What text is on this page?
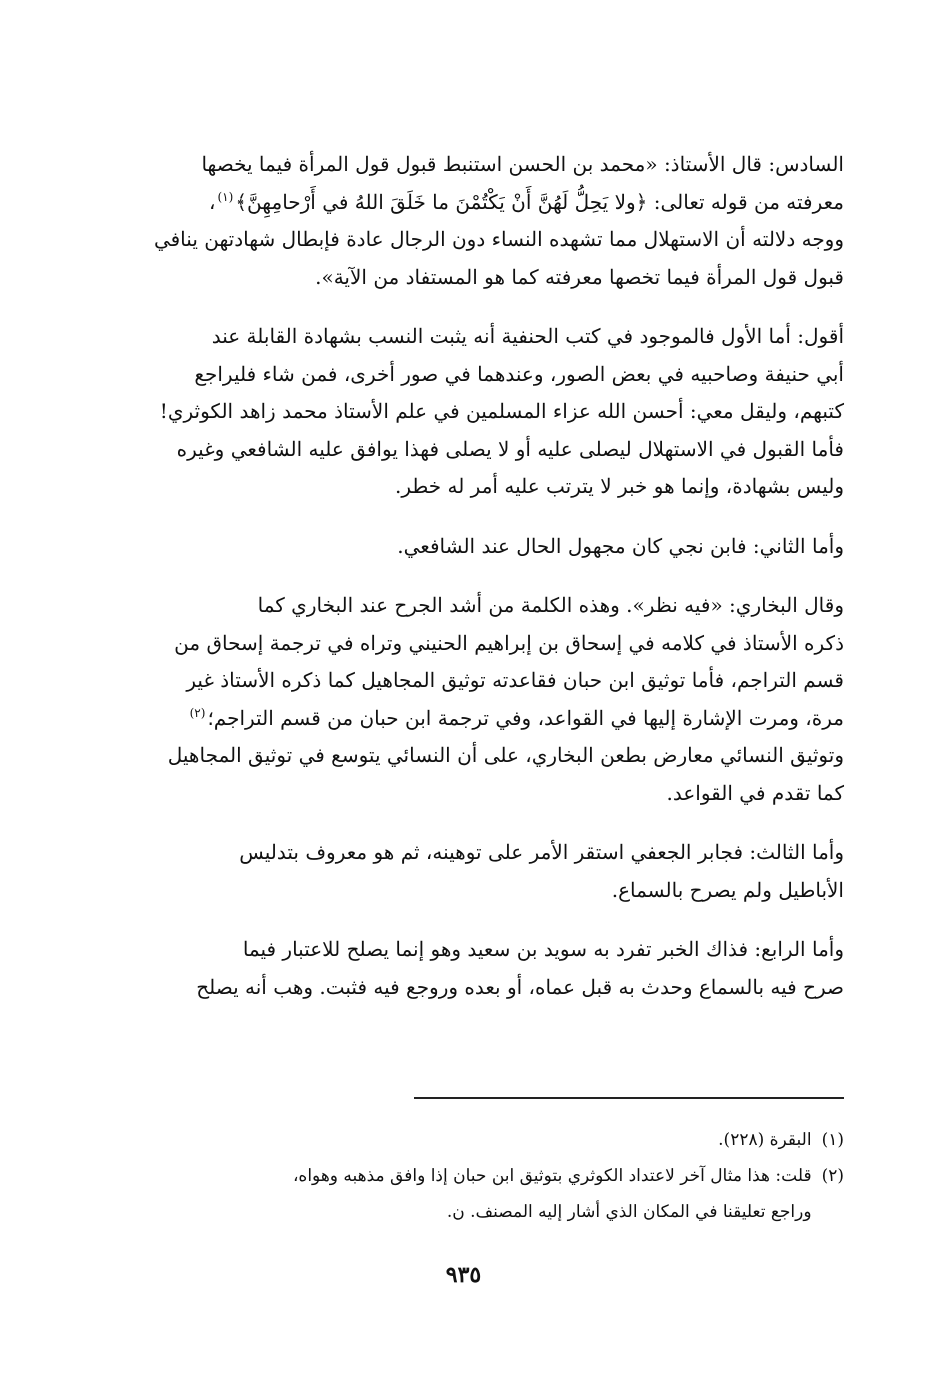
السادس: قال الأستاذ: «محمد بن الحسن استنبط قبول قول المرأة فيما يخصها

معرفته من قوله تعالى: ﴿ولا يَحِلُّ لَهُنَّ أَنْ يَكْتُمْنَ ما خَلَقَ اللهُ في أَرْحامِهِنَّ﴾$^{(١)}$،

ووجه دلالته أن الاستهلال مما تشهده النساء دون الرجال عادة فإبطال شهادتهن ينافي

قبول قول المرأة فيما تخصها معرفته كما هو المستفاد من الآية».

أقول: أما الأول فالموجود في كتب الحنفية أنه يثبت النسب بشهادة القابلة عند

أبي حنيفة وصاحبيه في بعض الصور، وعندهما في صور أخرى، فمن شاء فليراجع

كتبهم، وليقل معي: أحسن الله عزاء المسلمين في علم الأستاذ محمد زاهد الكوثري!

فأما القبول في الاستهلال ليصلى عليه أو لا يصلى فهذا يوافق عليه الشافعي وغيره

وليس بشهادة، وإنما هو خبر لا يترتب عليه أمر له خطر.

وأما الثاني: فابن نجي كان مجهول الحال عند الشافعي.

وقال البخاري: «فيه نظر». وهذه الكلمة من أشد الجرح عند البخاري كما

ذكره الأستاذ في كلامه في إسحاق بن إبراهيم الحنيني وتراه في ترجمة إسحاق من

قسم التراجم، فأما توثيق ابن حبان فقاعدته توثيق المجاهيل كما ذكره الأستاذ غير

مرة، ومرت الإشارة إليها في القواعد، وفي ترجمة ابن حبان من قسم التراجم؛$^{(٢)}$

وتوثيق النسائي معارض بطعن البخاري، على أن النسائي يتوسع في توثيق المجاهيل

كما تقدم في القواعد.

وأما الثالث: فجابر الجعفي استقر الأمر على توهينه، ثم هو معروف بتدليس

الأباطيل ولم يصرح بالسماع.

وأما الرابع: فذاك الخبر تفرد به سويد بن سعيد وهو إنما يصلح للاعتبار فيما

صرح فيه بالسماع وحدث به قبل عماه، أو بعده وروجع فيه فثبت. وهب أنه يصلح

(١)
البقرة (٢٢٨).
(٢)
قلت: هذا مثال آخر لاعتداد الكوثري بتوثيق ابن حبان إذا وافق مذهبه وهواه،
وراجع تعليقنا في المكان الذي أشار إليه المصنف. ن.
٩٣٥
